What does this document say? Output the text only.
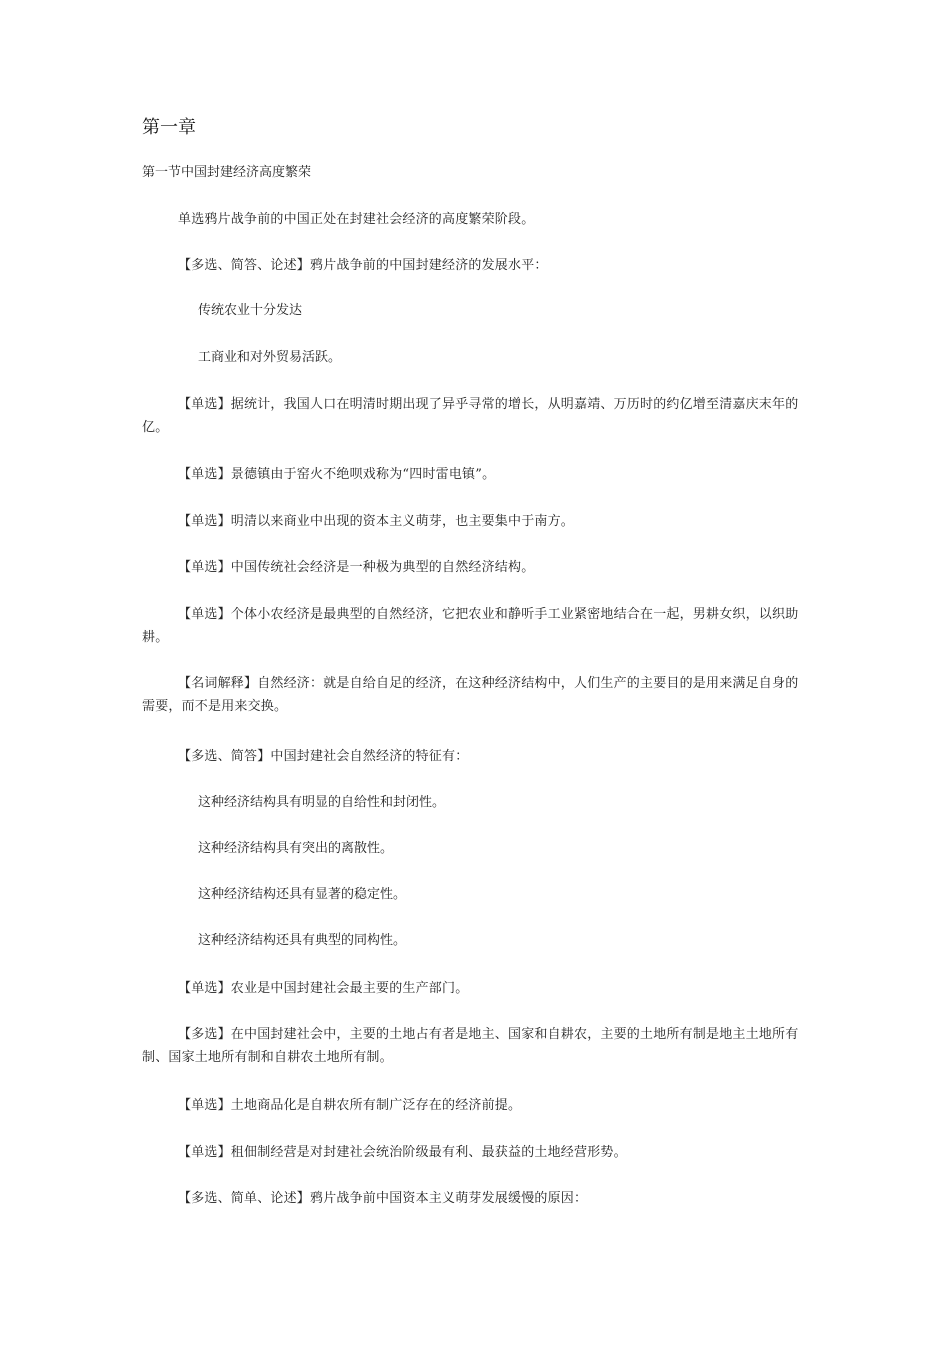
第一章
第一节中国封建经济高度繁荣
单选鸦片战争前的中国正处在封建社会经济的高度繁荣阶段。
【多选、简答、论述】鸦片战争前的中国封建经济的发展水平：
传统农业十分发达
工商业和对外贸易活跃。
【单选】据统计，我国人口在明清时期出现了异乎寻常的增长，从明嘉靖、万历时的约亿增至清嘉庆末年的亿。
【单选】景德镇由于窑火不绝呗戏称为“四时雷电镇”。
【单选】明清以来商业中出现的资本主义萌芽，也主要集中于南方。
【单选】中国传统社会经济是一种极为典型的自然经济结构。
【单选】个体小农经济是最典型的自然经济，它把农业和静听手工业紧密地结合在一起，男耕女织，以织助耕。
【名词解释】自然经济：就是自给自足的经济，在这种经济结构中，人们生产的主要目的是用来满足自身的需要，而不是用来交换。
【多选、简答】中国封建社会自然经济的特征有：
这种经济结构具有明显的自给性和封闭性。
这种经济结构具有突出的离散性。
这种经济结构还具有显著的稳定性。
这种经济结构还具有典型的同构性。
【单选】农业是中国封建社会最主要的生产部门。
【多选】在中国封建社会中，主要的土地占有者是地主、国家和自耕农，主要的土地所有制是地主土地所有制、国家土地所有制和自耕农土地所有制。
【单选】土地商品化是自耕农所有制广泛存在的经济前提。
【单选】租佃制经营是对封建社会统治阶级最有利、最获益的土地经营形势。
【多选、简单、论述】鸦片战争前中国资本主义萌芽发展缓慢的原因：
